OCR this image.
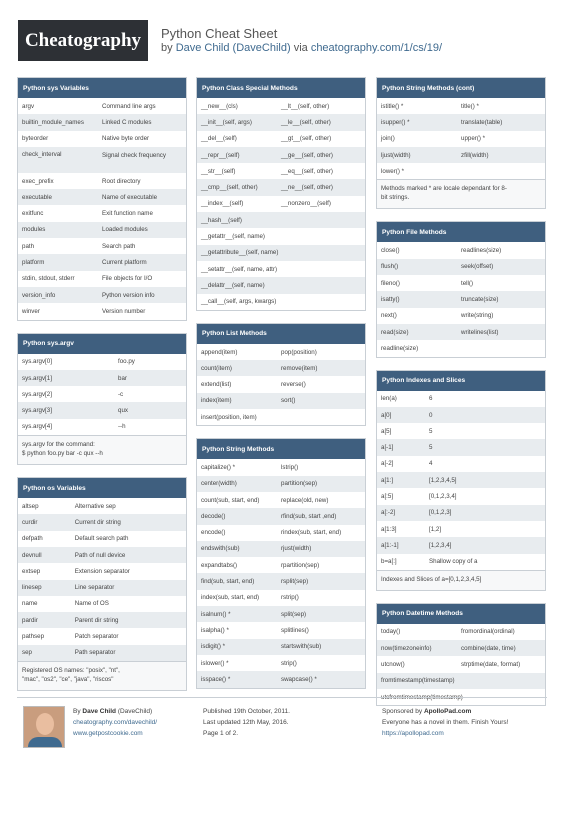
Cheatography	Python Cheat Sheet
by Dave Child (DaveChild) via cheatography.com/1/cs/19/
Python sys Variables
argv	Command line args
builtin_module_names	Linked C modules
byteorder	Native byte order
check_interval	Signal check frequency
exec_prefix	Root directory
executable	Name of executable
exitfunc	Exit function name
modules	Loaded modules
path	Search path
platform	Current platform
stdin, stdout, stderr	File objects for I/O
version_info	Python version info
winver	Version number
Python sys.argv
sys.argv[0]	foo.py
sys.argv[1]	bar
sys.argv[2]	-c
sys.argv[3]	qux
sys.argv[4]	--h
sys.argv for the command:
$ python foo.py bar -c qux --h
Python os Variables
altsep	Alternative sep
curdir	Current dir string
defpath	Default search path
devnull	Path of null device
extsep	Extension separator
linesep	Line separator
name	Name of OS
pardir	Parent dir string
pathsep	Patch separator
sep	Path separator
Registered OS names: "posix", "nt",
"mac", "os2", "ce", "java", "riscos"
Python Class Special Methods
__new__(cls)	__lt__(self, other)
__init__(self, args)	__le__(self, other)
__del__(self)	__gt__(self, other)
__repr__(self)	__ge__(self, other)
__str__(self)	__eq__(self, other)
__cmp__(self, other)	__ne__(self, other)
__index__(self)	__nonzero__(self)
__hash__(self)
__getattr__(self, name)
__getattribute__(self, name)
__setattr__(self, name, attr)
__delattr__(self, name)
__call__(self, args, kwargs)
Python List Methods
append(item)	pop(position)
count(item)	remove(item)
extend(list)	reverse()
index(item)	sort()
insert(position, item)
Python String Methods
capitalize() *	lstrip()
center(width)	partition(sep)
count(sub, start, end)	replace(old, new)
decode()	rfind(sub, start ,end)
encode()	rindex(sub, start, end)
endswith(sub)	rjust(width)
expandtabs()	rpartition(sep)
find(sub, start, end)	rsplit(sep)
index(sub, start, end)	rstrip()
isalnum() *	split(sep)
isalpha() *	splitlines()
isdigit() *	startswith(sub)
islower() *	strip()
isspace() *	swapcase() *
Python String Methods (cont)
istitle() *	title() *
isupper() *	translate(table)
join()	upper() *
ljust(width)	zfill(width)
lower() *
Methods marked * are locale dependant for 8-
bit strings.
Python File Methods
close()	readlines(size)
flush()	seek(offset)
fileno()	tell()
isatty()	truncate(size)
next()	write(string)
read(size)	writelines(list)
readline(size)
Python Indexes and Slices
len(a)	6
a[0]	0
a[5]	5
a[-1]	5
a[-2]	4
a[1:]	[1,2,3,4,5]
a[:5]	[0,1,2,3,4]
a[:-2]	[0,1,2,3]
a[1:3]	[1,2]
a[1:-1]	[1,2,3,4]
b=a[:]	Shallow copy of a
Indexes and Slices of a=[0,1,2,3,4,5]
Python Datetime Methods
today()	fromordinal(ordinal)
now(timezoneinfo)	combine(date, time)
utcnow()	strptime(date, format)
fromtimestamp(timestamp)
utcfromtimestamp(timestamp)
By Dave Child (DaveChild)
cheatography.com/davechild/
www.getpostcookie.com
Published 19th October, 2011.
Last updated 12th May, 2016.
Page 1 of 2.
Sponsored by ApolloPad.com
Everyone has a novel in them. Finish Yours!
https://apollopad.com
